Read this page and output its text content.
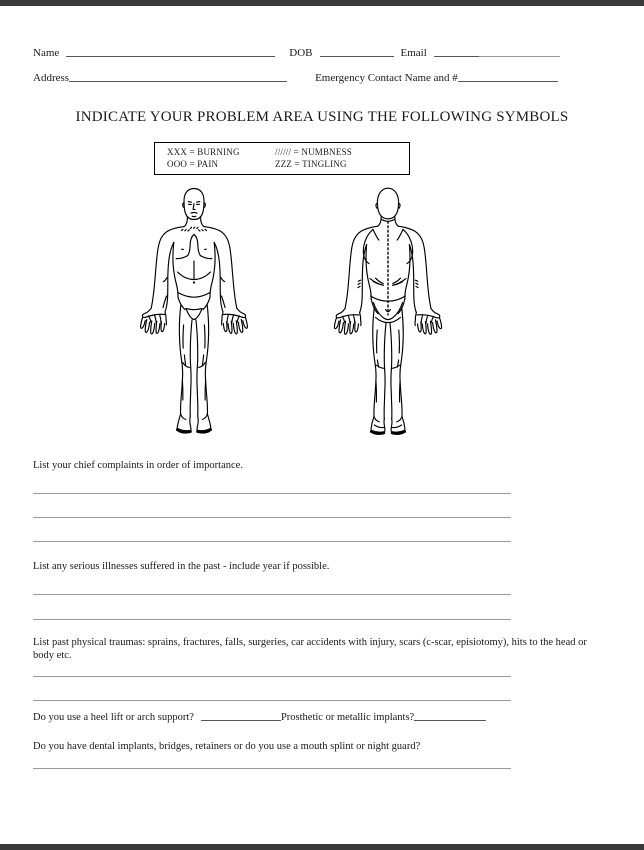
Name	DOB	Email
Address	Emergency Contact Name and #
INDICATE YOUR PROBLEM AREA USING THE FOLLOWING SYMBOLS
XXX = BURNING	////// = NUMBNESS
OOO = PAIN	ZZZ = TINGLING
List your chief complaints in order of importance.
List any serious illnesses suffered in the past - include year if possible.
List past physical traumas: sprains, fractures, falls, surgeries, car accidents with injury, scars (c-scar, episiotomy), hits to the head or body etc.
Do you use a heel lift or arch support?	Prosthetic or metallic implants?
Do you have dental implants, bridges, retainers or do you use a mouth splint or night guard?
